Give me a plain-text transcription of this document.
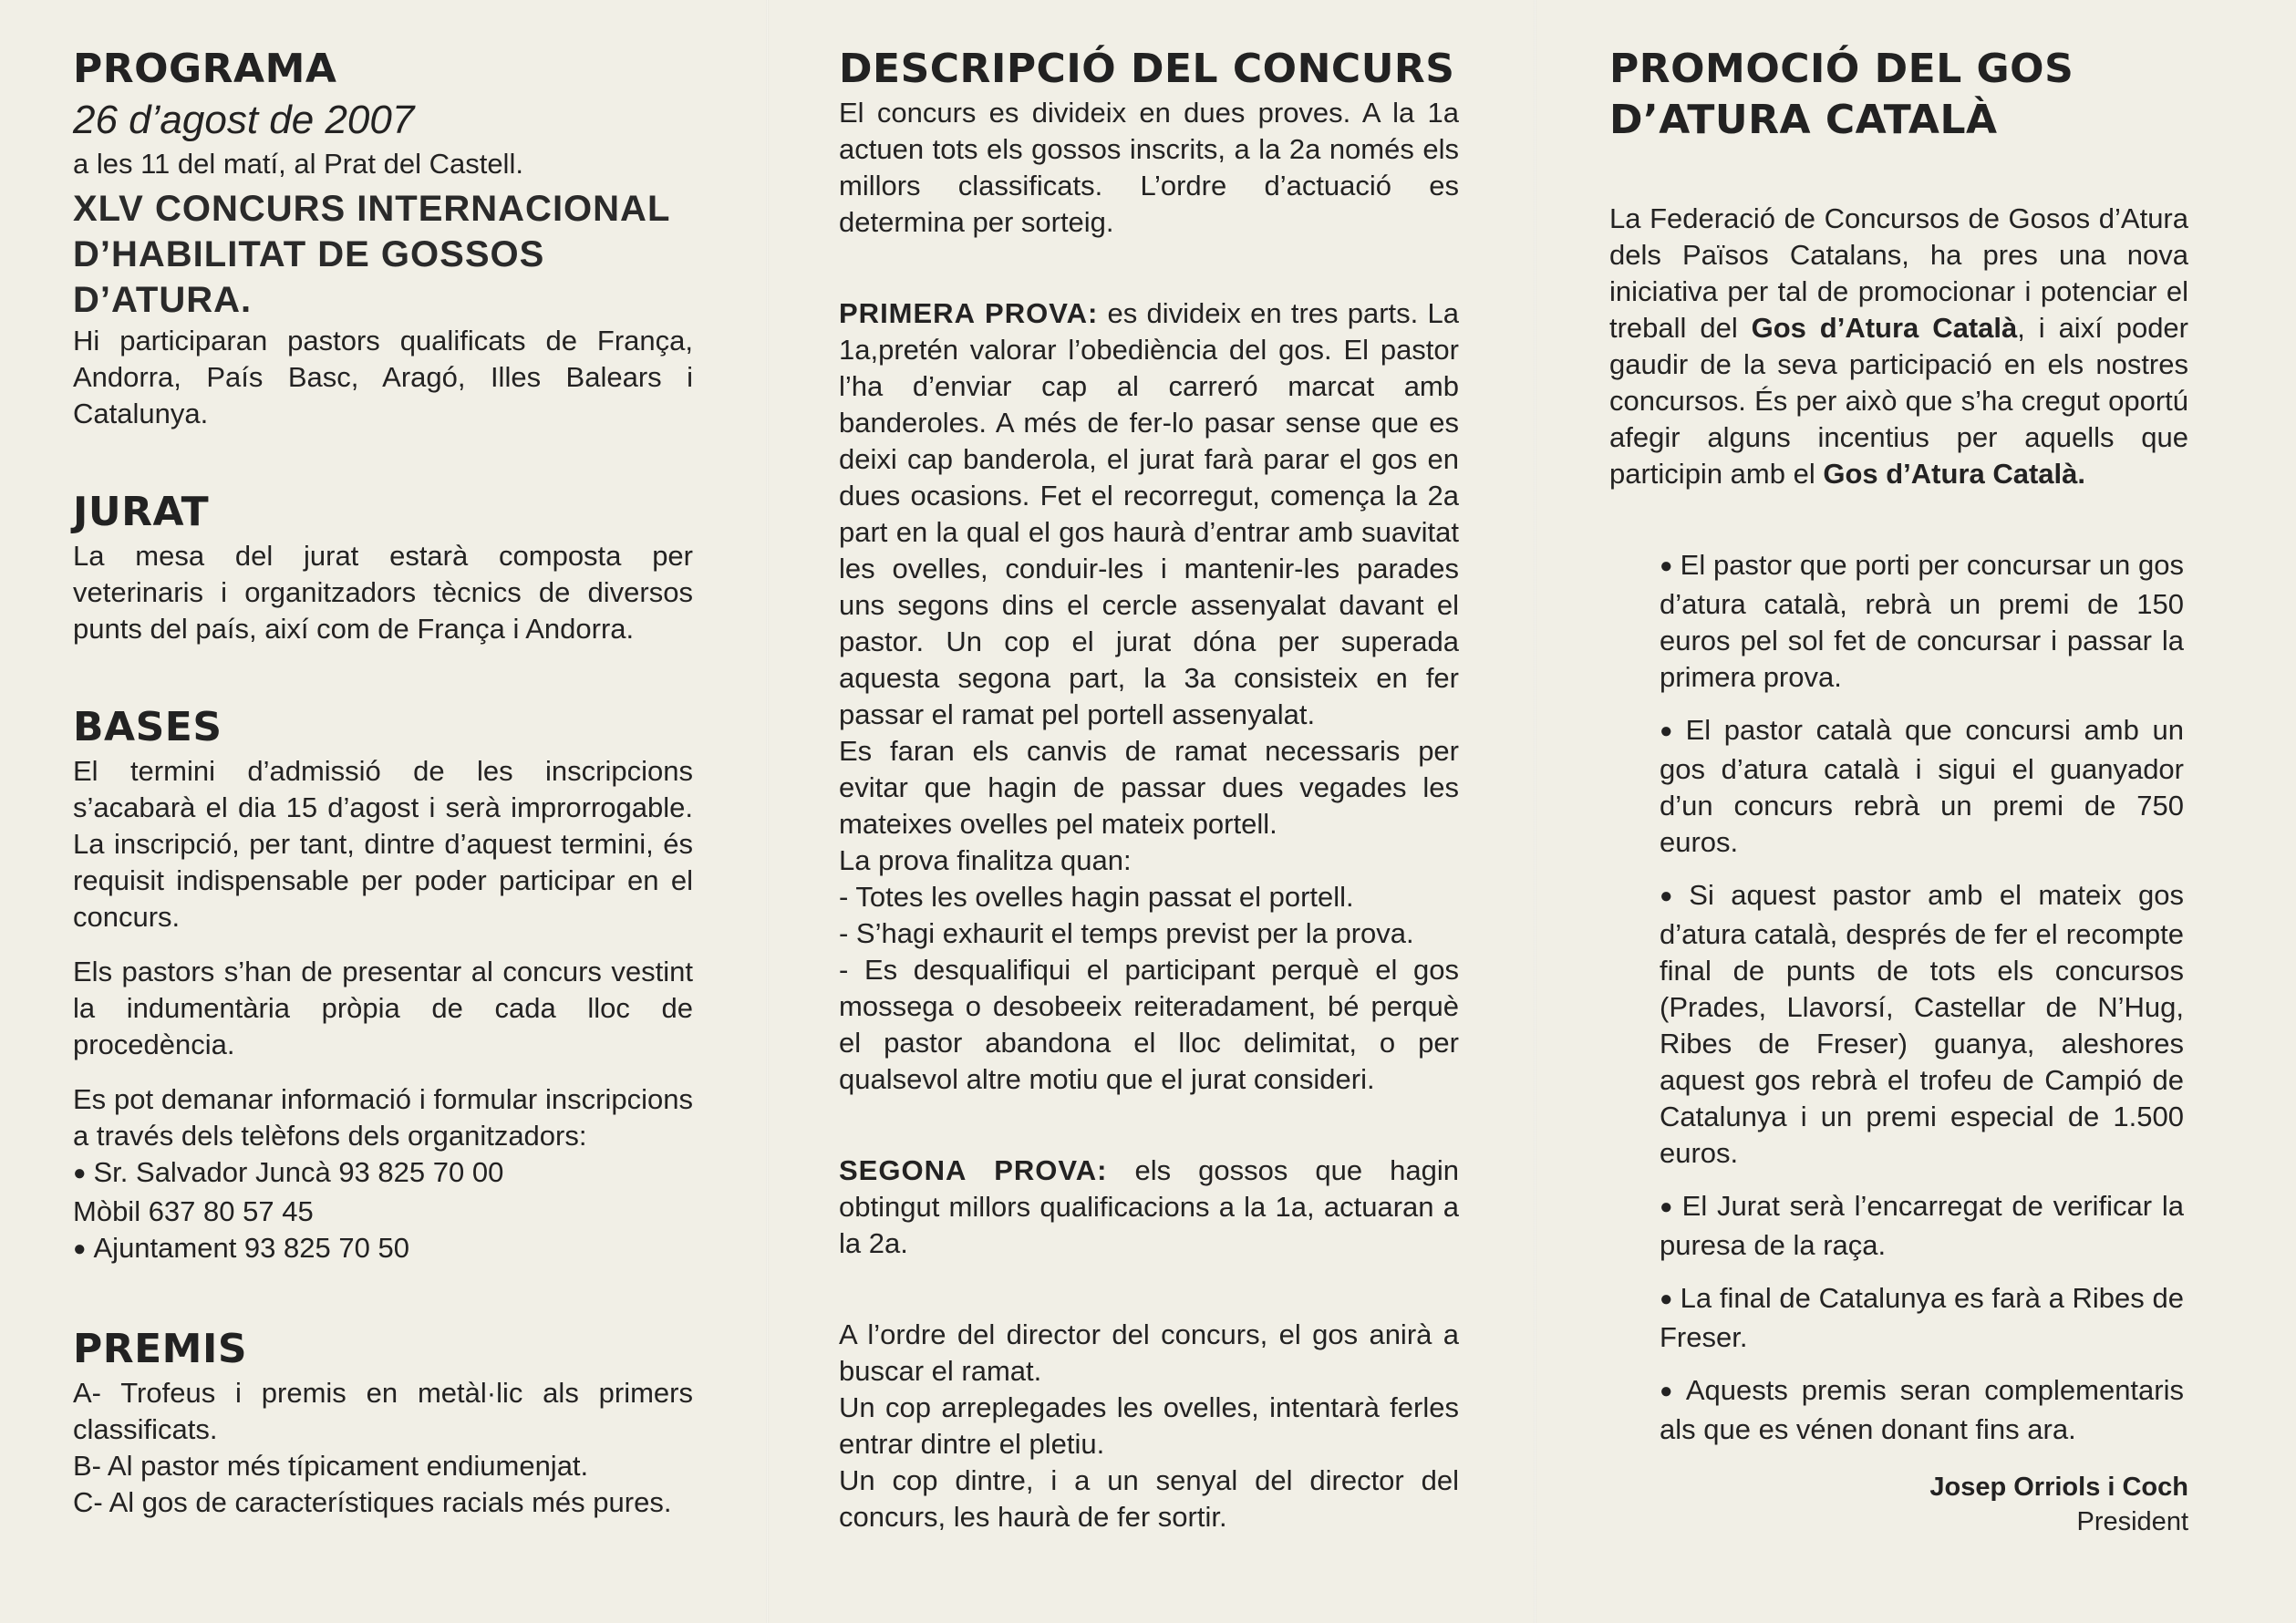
PROGRAMA

26 d’agost de 2007

a les 11 del matí, al Prat del Castell.

XLV CONCURS INTERNACIONAL
D’HABILITAT DE GOSSOS
D’ATURA.

Hi participaran pastors qualificats de França, Andorra, País Basc, Aragó, Illes Balears i Catalunya.

JURAT

La mesa del jurat estarà composta per veterinaris i organitzadors tècnics de diversos punts del país, així com de França i Andorra.

BASES

El termini d’admissió de les inscripcions s’acabarà el dia 15 d’agost i serà improrrogable. La inscripció, per tant, dintre d’aquest termini, és requisit indispensable per poder participar en el concurs.

Els pastors s’han de presentar al concurs vestint la indumentària pròpia de cada lloc de procedència.

Es pot demanar informació i formular inscripcions a través dels telèfons dels organitzadors:

● Sr. Salvador Juncà 93 825 70 00

Mòbil 637 80 57 45

● Ajuntament 93 825 70 50

PREMIS

A- Trofeus i premis en metàl·lic als primers classificats.

B- Al pastor més típicament endiumenjat.

C- Al gos de característiques racials més pures.

DESCRIPCIÓ DEL CONCURS

El concurs es divideix en dues proves. A la 1a actuen tots els gossos inscrits, a la 2a només els millors classificats. L’ordre d’actuació es determina per sorteig.

PRIMERA PROVA: es divideix en tres parts. La 1a,pretén valorar l’obediència del gos. El pastor l’ha d’enviar cap al carreró marcat amb banderoles. A més de fer-lo pasar sense que es deixi cap banderola, el jurat farà parar el gos en dues ocasions. Fet el recorregut, comença la 2a part en la qual el gos haurà d’entrar amb suavitat les ovelles, conduir-les i mantenir-les parades uns segons dins el cercle assenyalat davant el pastor. Un cop el jurat dóna per superada aquesta segona part, la 3a consisteix en fer passar el ramat pel portell assenyalat.

Es faran els canvis de ramat necessaris per evitar que hagin de passar dues vegades les mateixes ovelles pel mateix portell.

La prova finalitza quan:

- Totes les ovelles hagin passat el portell.

- S’hagi exhaurit el temps previst per la prova.

- Es desqualifiqui el participant perquè el gos mossega o desobeeix reiteradament, bé perquè el pastor abandona el lloc delimitat, o per qualsevol altre motiu que el jurat consideri.

SEGONA PROVA: els gossos que hagin obtingut millors qualificacions a la 1a, actuaran a la 2a.

A l’ordre del director del concurs, el gos anirà a buscar el ramat.

Un cop arreplegades les ovelles, intentarà ferles entrar dintre el pletiu.

Un cop dintre, i a un senyal del director del concurs, les haurà de fer sortir.

PROMOCIÓ DEL GOS
D’ATURA CATALÀ

La Federació de Concursos de Gosos d’Atura dels Països Catalans, ha pres una nova iniciativa per tal de promocionar i potenciar el treball del Gos d’Atura Català, i així poder gaudir de la seva participació en els nostres concursos. És per això que s’ha cregut oportú afegir alguns incentius per aquells que participin amb el Gos d’Atura Català.

● El pastor que porti per concursar un gos d’atura català, rebrà un premi de 150 euros pel sol fet de concursar i passar la primera prova.
● El pastor català que concursi amb un gos d’atura català i sigui el guanyador d’un concurs rebrà un premi de 750 euros.
● Si aquest pastor amb el mateix gos d’atura català, després de fer el recompte final de punts de tots els concursos (Prades, Llavorsí, Castellar de N’Hug, Ribes de Freser) guanya, aleshores aquest gos rebrà el trofeu de Campió de Catalunya i un premi especial de 1.500 euros.
● El Jurat serà l’encarregat de verificar la puresa de la raça.
● La final de Catalunya es farà a Ribes de Freser.
● Aquests premis seran complementaris als que es vénen donant fins ara.
Josep Orriols i Coch
President
